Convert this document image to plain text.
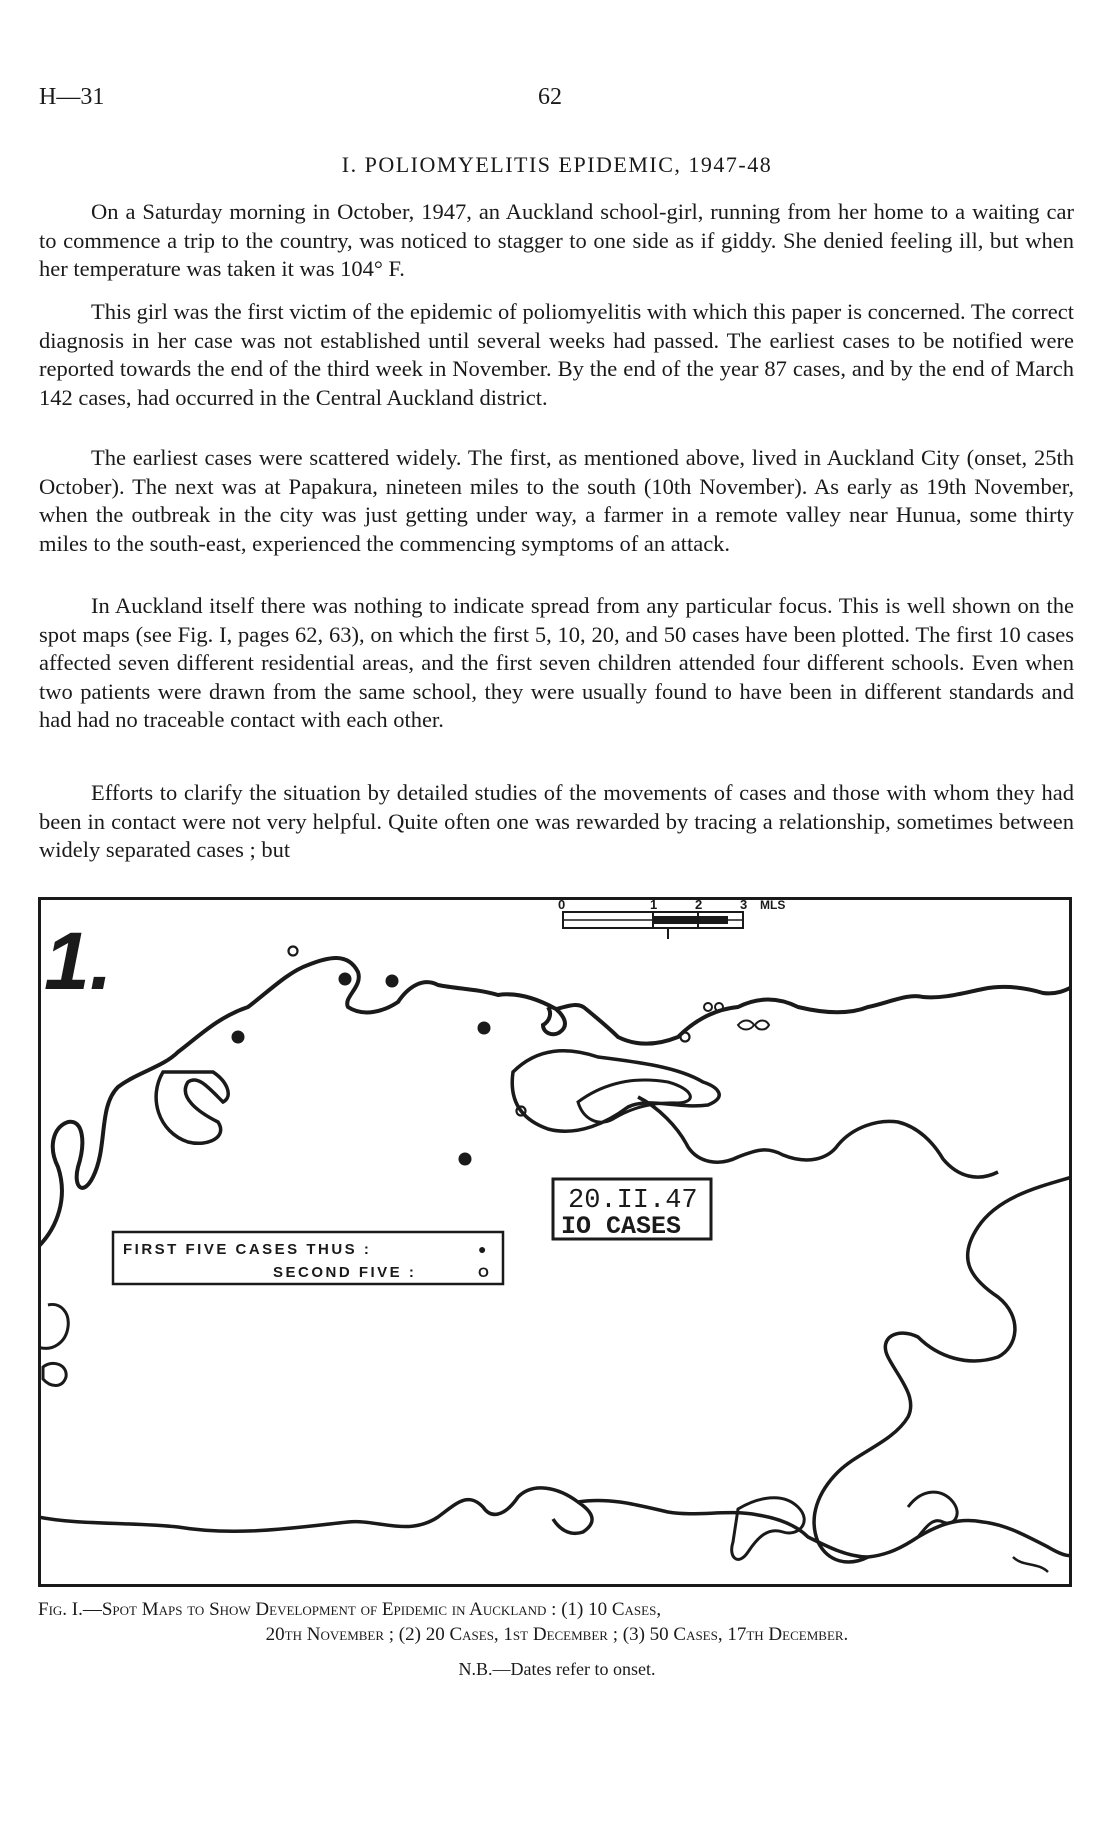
H—31	62
I. POLIOMYELITIS EPIDEMIC, 1947-48

On a Saturday morning in October, 1947, an Auckland school-girl, running from her home to a waiting car to commence a trip to the country, was noticed to stagger to one side as if giddy. She denied feeling ill, but when her temperature was taken it was 104° F.

This girl was the first victim of the epidemic of poliomyelitis with which this paper is concerned. The correct diagnosis in her case was not established until several weeks had passed. The earliest cases to be notified were reported towards the end of the third week in November. By the end of the year 87 cases, and by the end of March 142 cases, had occurred in the Central Auckland district.

The earliest cases were scattered widely. The first, as mentioned above, lived in Auckland City (onset, 25th October). The next was at Papakura, nineteen miles to the south (10th November). As early as 19th November, when the outbreak in the city was just getting under way, a farmer in a remote valley near Hunua, some thirty miles to the south-east, experienced the commencing symptoms of an attack.

In Auckland itself there was nothing to indicate spread from any particular focus. This is well shown on the spot maps (see Fig. I, pages 62, 63), on which the first 5, 10, 20, and 50 cases have been plotted. The first 10 cases affected seven different residential areas, and the first seven children attended four different schools. Even when two patients were drawn from the same school, they were usually found to have been in different standards and had had no traceable contact with each other.

Efforts to clarify the situation by detailed studies of the movements of cases and those with whom they had been in contact were not very helpful. Quite often one was rewarded by tracing a relationship, sometimes between widely separated cases ; but

0	1	2	3 MLS
1.
20.II.47
IO CASES
FIRST FIVE CASES THUS :	●
SECOND FIVE :	O
Fig. I.—Spot Maps to Show Development of Epidemic in Auckland : (1) 10 Cases,
20th November ; (2) 20 Cases, 1st December ; (3) 50 Cases, 17th December.
N.B.—Dates refer to onset.
